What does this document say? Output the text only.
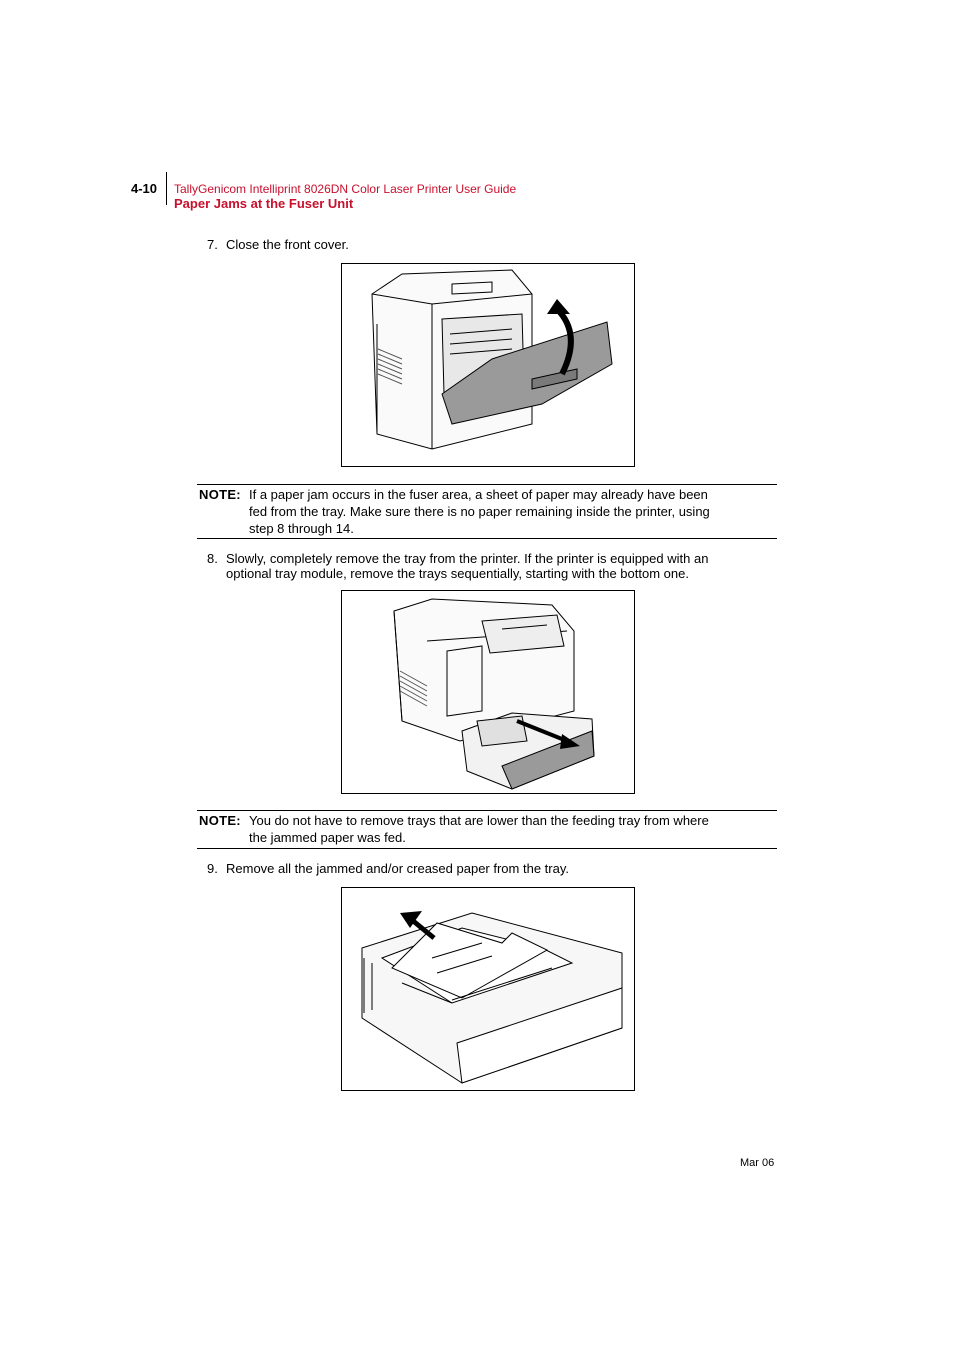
4-10 TallyGenicom Intelliprint 8026DN Color Laser Printer User Guide
Paper Jams at the Fuser Unit
7. Close the front cover.
NOTE: If a paper jam occurs in the fuser area, a sheet of paper may already have been
fed from the tray. Make sure there is no paper remaining inside the printer, using
step 8 through 14.
8. Slowly, completely remove the tray from the printer. If the printer is equipped with an
optional tray module, remove the trays sequentially, starting with the bottom one.
NOTE: You do not have to remove trays that are lower than the feeding tray from where
the jammed paper was fed.
9. Remove all the jammed and/or creased paper from the tray.
Mar 06
